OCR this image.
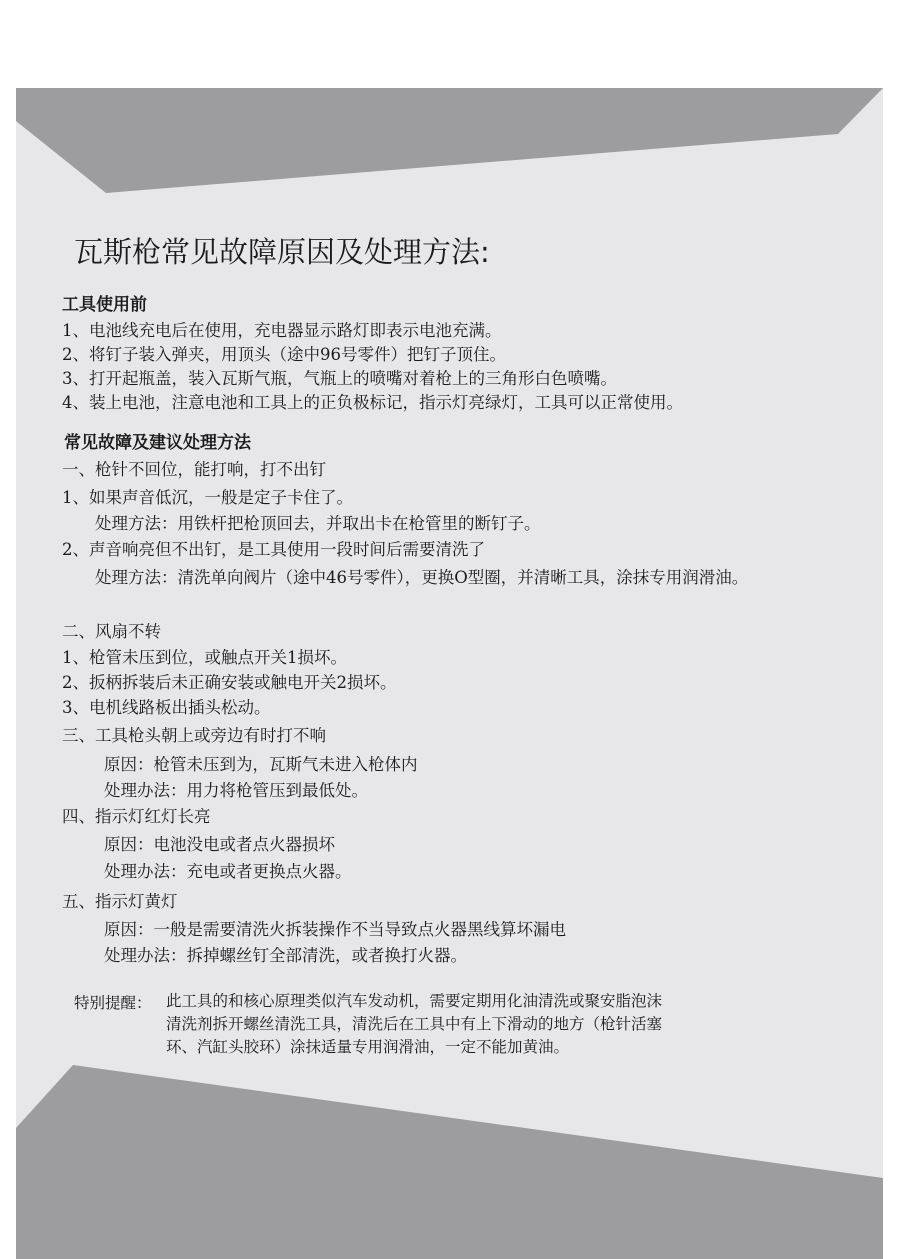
瓦斯枪常见故障原因及处理方法:
工具使用前

1、电池线充电后在使用，充电器显示路灯即表示电池充满。

2、将钉子装入弹夹，用顶头（途中96号零件）把钉子顶住。

3、打开起瓶盖，装入瓦斯气瓶，气瓶上的喷嘴对着枪上的三角形白色喷嘴。

4、装上电池，注意电池和工具上的正负极标记，指示灯亮绿灯，工具可以正常使用。

常见故障及建议处理方法

一、枪针不回位，能打响，打不出钉

1、如果声音低沉，一般是定子卡住了。

处理方法：用铁杆把枪顶回去，并取出卡在枪管里的断钉子。

2、声音响亮但不出钉，是工具使用一段时间后需要清洗了

处理方法：清洗单向阀片（途中46号零件），更换O型圈，并清晰工具，涂抹专用润滑油。

二、风扇不转

1、枪管未压到位，或触点开关1损坏。

2、扳柄拆装后未正确安装或触电开关2损坏。

3、电机线路板出插头松动。

三、工具枪头朝上或旁边有时打不响

原因：枪管未压到为，瓦斯气未进入枪体内

处理办法：用力将枪管压到最低处。

四、指示灯红灯长亮

原因：电池没电或者点火器损坏

处理办法：充电或者更换点火器。

五、指示灯黄灯

原因：一般是需要清洗火拆装操作不当导致点火器黑线算坏漏电

处理办法：拆掉螺丝钉全部清洗，或者换打火器。

特别提醒： 此工具的和核心原理类似汽车发动机，需要定期用化油清洗或聚安脂泡沫

清洗剂拆开螺丝清洗工具，清洗后在工具中有上下滑动的地方（枪针活塞

环、汽缸头胶环）涂抹适量专用润滑油，一定不能加黄油。
